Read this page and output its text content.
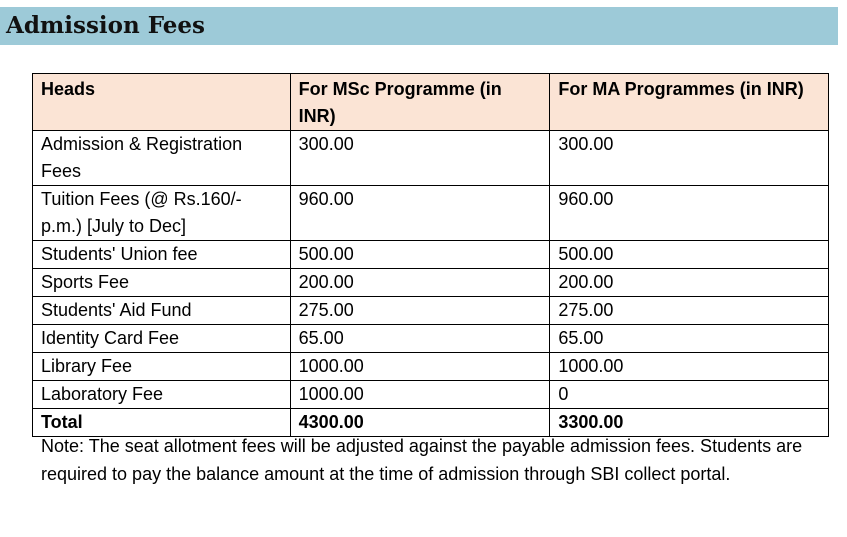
Admission Fees
Heads	For MSc Programme (in INR)	For MA Programmes (in INR)
Admission & Registration Fees	300.00	300.00
Tuition Fees (@ Rs.160/- p.m.) [July to Dec]	960.00	960.00
Students' Union fee	500.00	500.00
Sports Fee	200.00	200.00
Students' Aid Fund	275.00	275.00
Identity Card Fee	65.00	65.00
Library Fee	1000.00	1000.00
Laboratory Fee	1000.00	0
Total	4300.00	3300.00
Note: The seat allotment fees will be adjusted against the payable admission fees. Students are required to pay the balance amount at the time of admission through SBI collect portal.
